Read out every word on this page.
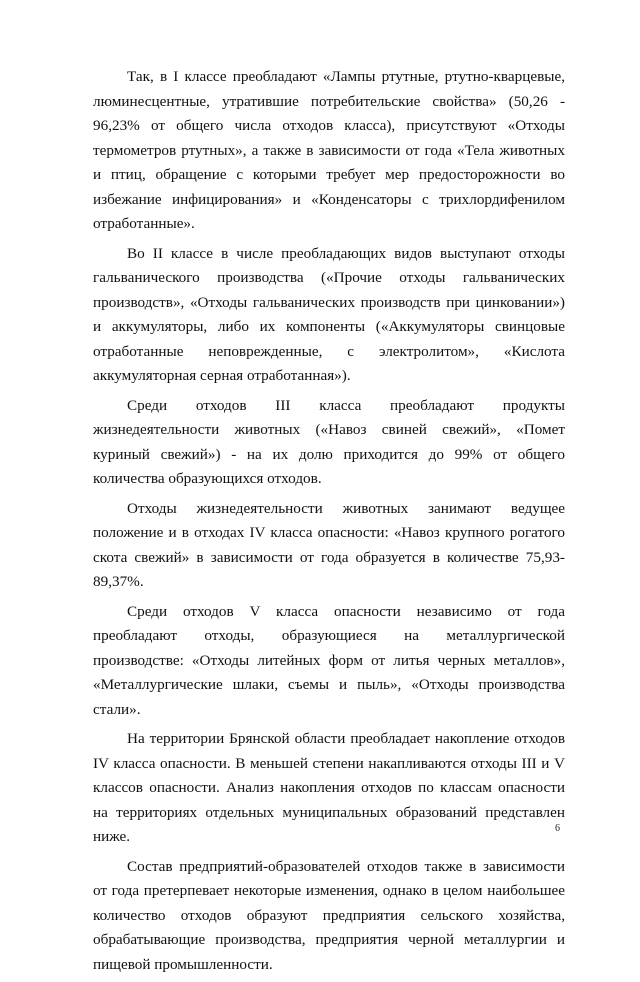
Так, в I классе преобладают «Лампы ртутные, ртутно-кварцевые, люминесцентные, утратившие потребительские свойства» (50,26 - 96,23% от общего числа отходов класса), присутствуют «Отходы термометров ртутных», а также в зависимости от года «Тела животных и птиц, обращение с которыми требует мер предосторожности во избежание инфицирования» и «Конденсаторы с трихлордифенилом отработанные».

Во II классе в числе преобладающих видов выступают отходы гальванического производства («Прочие отходы гальванических производств», «Отходы гальванических производств при цинковании») и аккумуляторы, либо их компоненты («Аккумуляторы свинцовые отработанные неповрежденные, с электролитом», «Кислота аккумуляторная серная отработанная»).

Среди отходов III класса преобладают продукты жизнедеятельности животных («Навоз свиней свежий», «Помет куриный свежий») - на их долю приходится до 99% от общего количества образующихся отходов.

Отходы жизнедеятельности животных занимают ведущее положение и в отходах IV класса опасности: «Навоз крупного рогатого скота свежий» в зависимости от года образуется в количестве 75,93-89,37%.

Среди отходов V класса опасности независимо от года преобладают отходы, образующиеся на металлургической производстве: «Отходы литейных форм от литья черных металлов», «Металлургические шлаки, съемы и пыль», «Отходы производства стали».

На территории Брянской области преобладает накопление отходов IV класса опасности. В меньшей степени накапливаются отходы III и V классов опасности. Анализ накопления отходов по классам опасности на территориях отдельных муниципальных образований представлен ниже.

Состав предприятий-образователей отходов также в зависимости от года претерпевает некоторые изменения, однако в целом наибольшее количество отходов образуют предприятия сельского хозяйства, обрабатывающие производства, предприятия черной металлургии и пищевой промышленности.

6
